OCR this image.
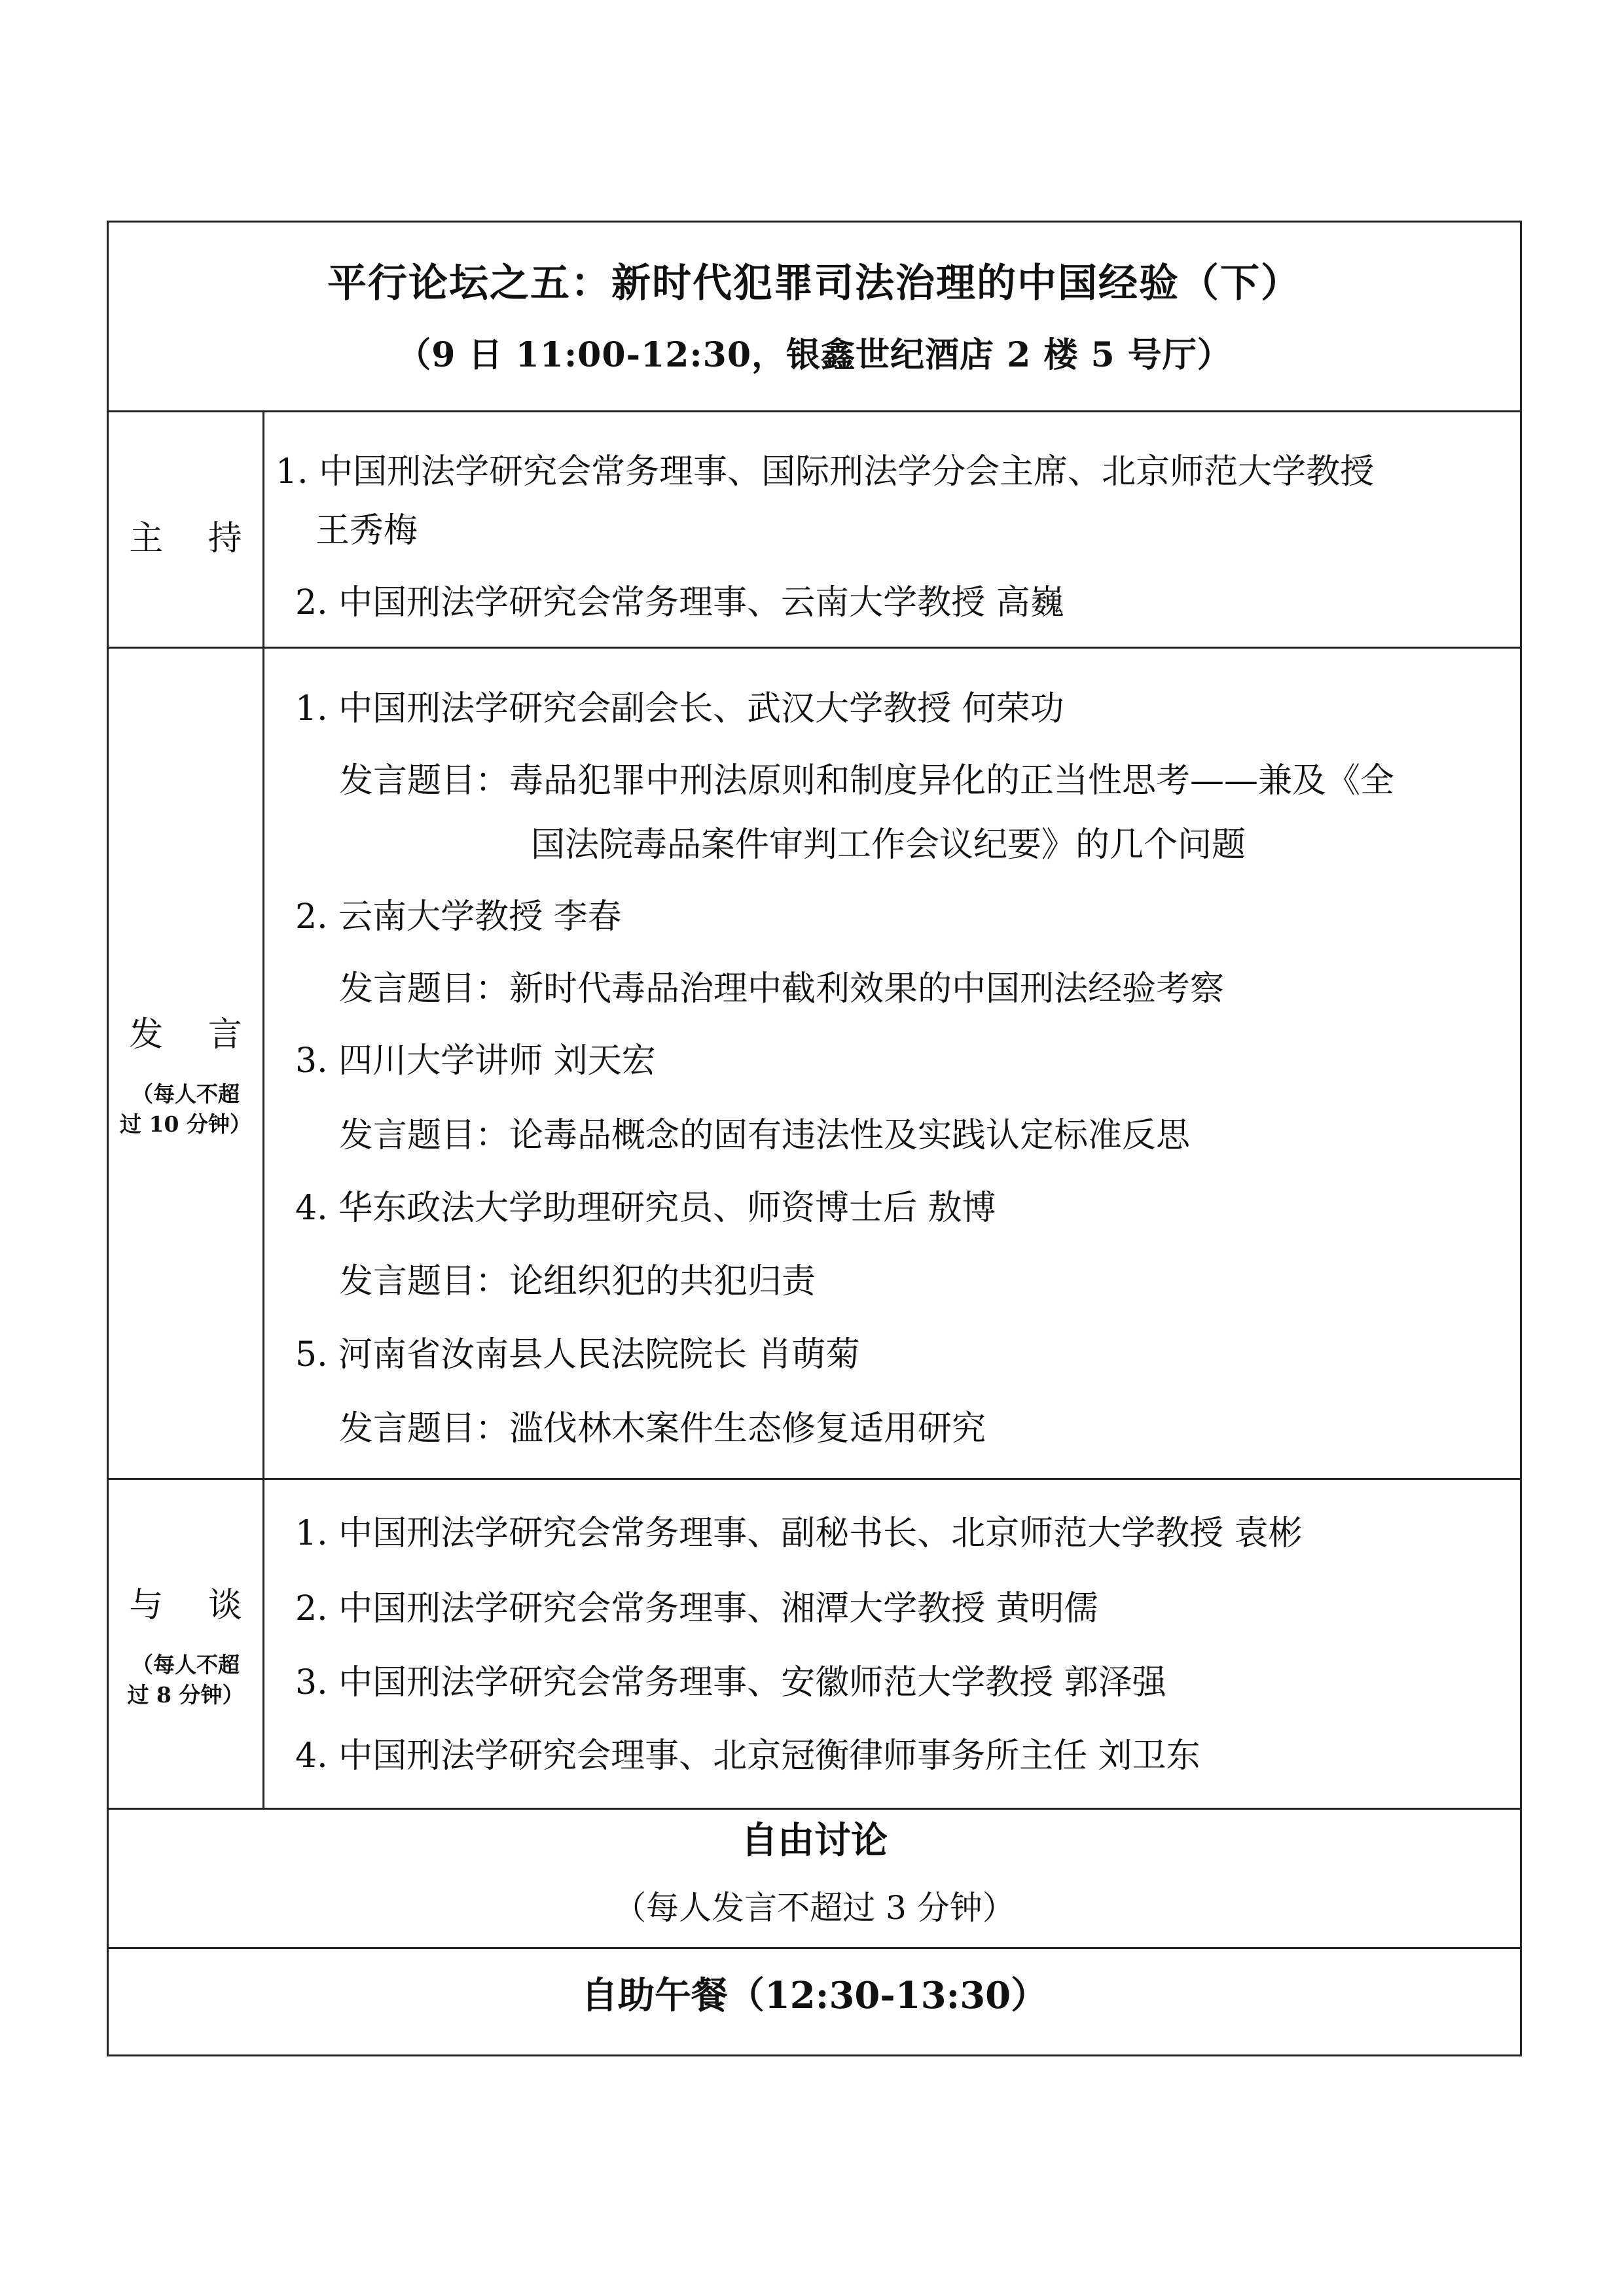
平行论坛之五：新时代犯罪司法治理的中国经验（下）
（9 日 11:00-12:30，银鑫世纪酒店 2 楼 5 号厅）
主 持
1. 中国刑法学研究会常务理事、国际刑法学分会主席、北京师范大学教授
王秀梅
2. 中国刑法学研究会常务理事、云南大学教授 高巍
发 言
（每人不超
过 10 分钟）
1. 中国刑法学研究会副会长、武汉大学教授 何荣功
发言题目：毒品犯罪中刑法原则和制度异化的正当性思考——兼及《全
国法院毒品案件审判工作会议纪要》的几个问题
2. 云南大学教授 李春
发言题目：新时代毒品治理中截利效果的中国刑法经验考察
3. 四川大学讲师 刘天宏
发言题目：论毒品概念的固有违法性及实践认定标准反思
4. 华东政法大学助理研究员、师资博士后 敖博
发言题目：论组织犯的共犯归责
5. 河南省汝南县人民法院院长 肖萌菊
发言题目：滥伐林木案件生态修复适用研究
与 谈
（每人不超
过 8 分钟）
1. 中国刑法学研究会常务理事、副秘书长、北京师范大学教授 袁彬
2. 中国刑法学研究会常务理事、湘潭大学教授 黄明儒
3. 中国刑法学研究会常务理事、安徽师范大学教授 郭泽强
4. 中国刑法学研究会理事、北京冠衡律师事务所主任 刘卫东
自由讨论
（每人发言不超过 3 分钟）
自助午餐（12:30-13:30）
